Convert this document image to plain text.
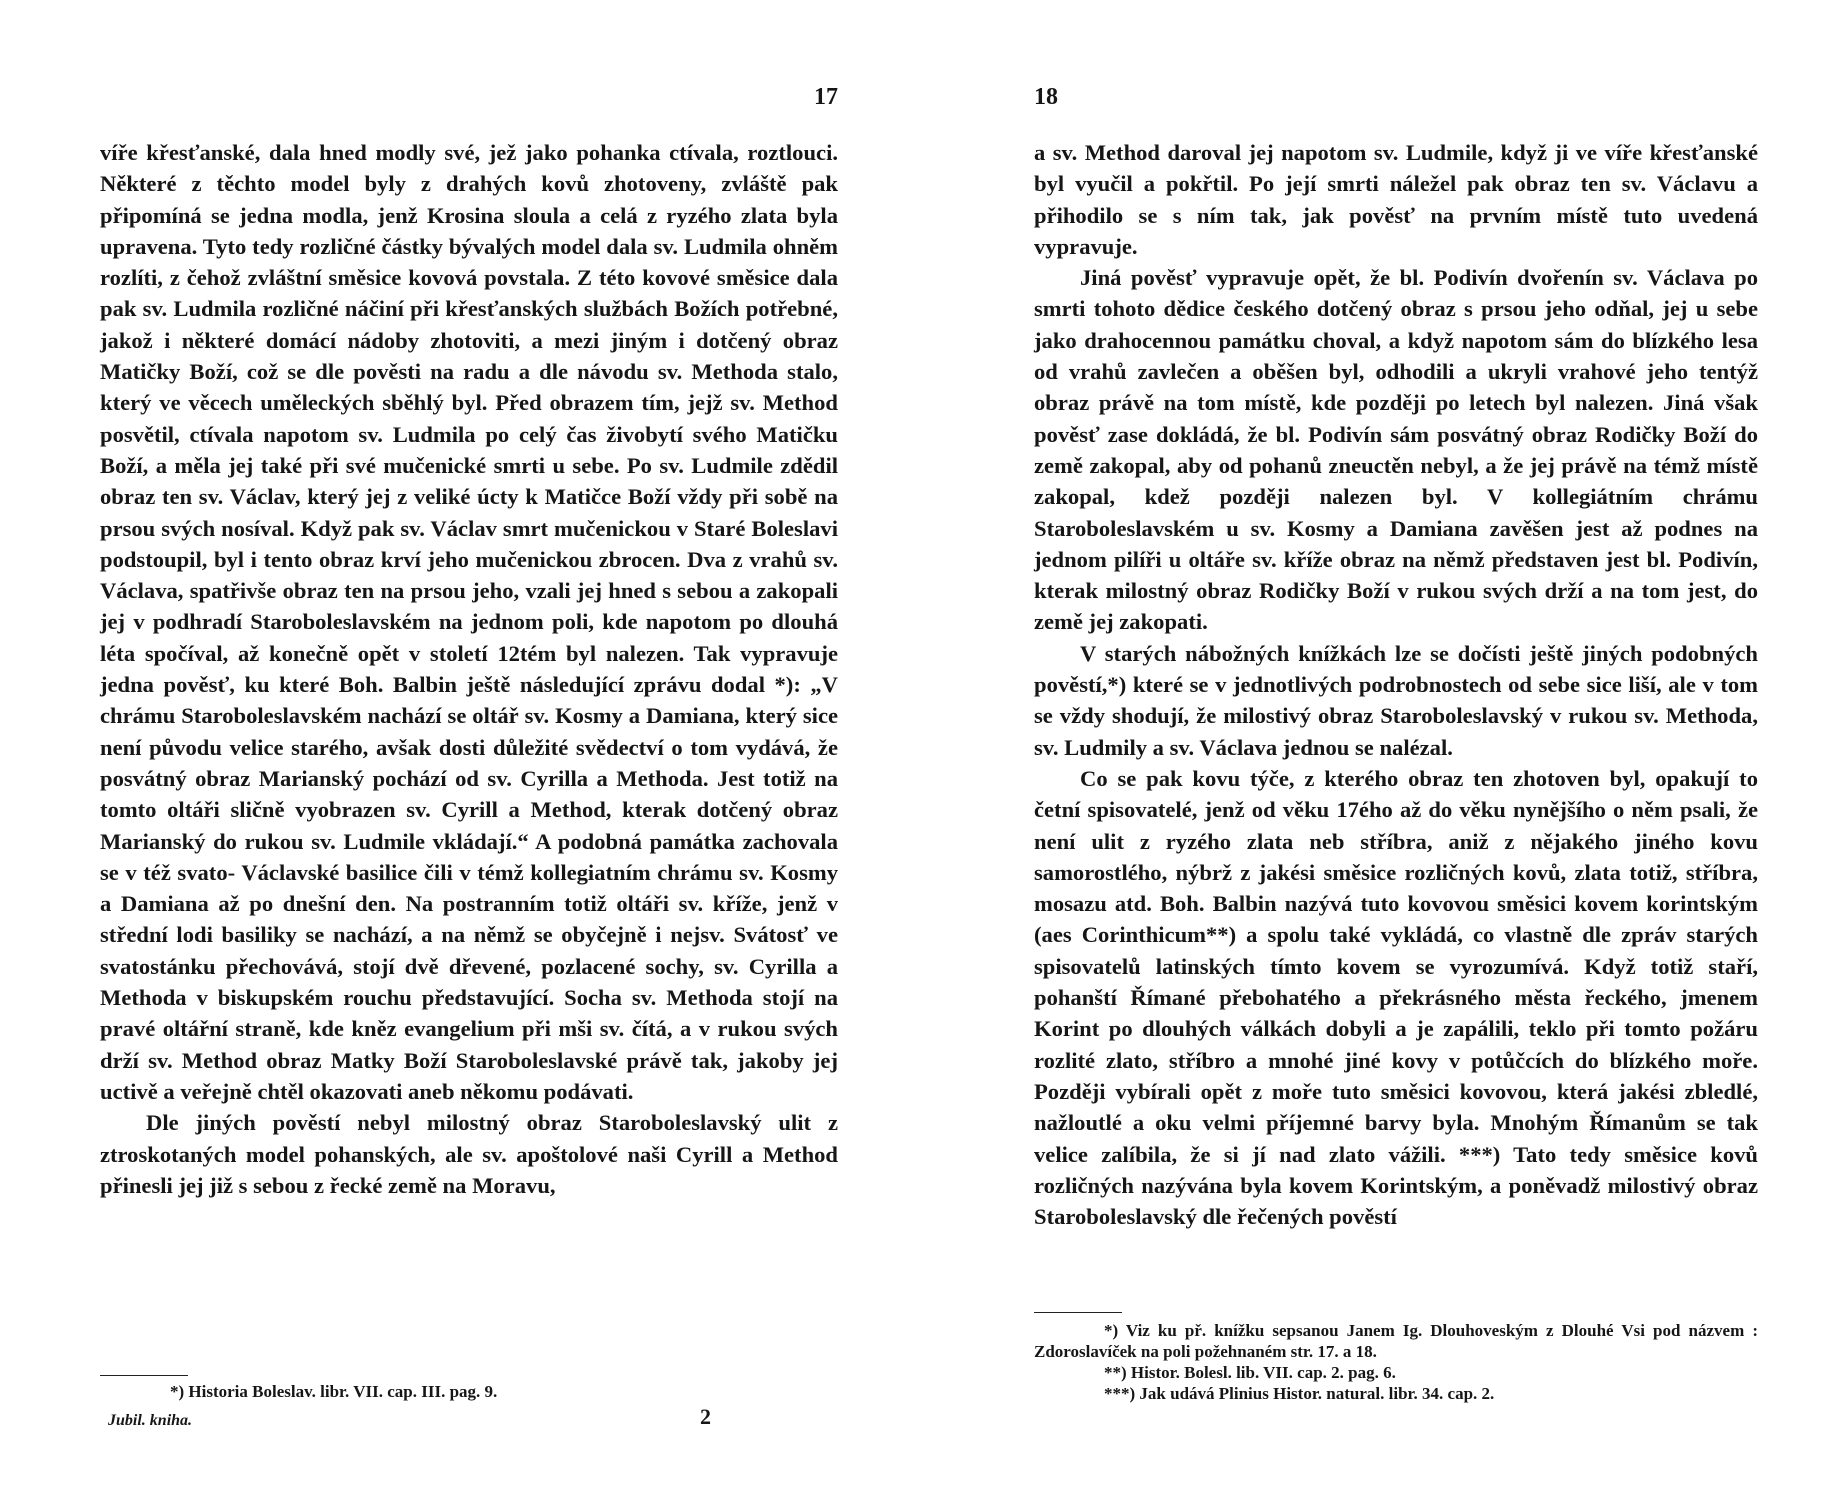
17

víře křesťanské, dala hned modly své, jež jako pohanka ctívala, roztlouci. Některé z těchto model byly z drahých kovů zhotoveny, zvláště pak připomíná se jedna modla, jenž Krosina sloula a celá z ryzého zlata byla upravena. Tyto tedy rozličné částky bývalých model dala sv. Ludmila ohněm rozlíti, z čehož zvláštní směsice kovová povstala. Z této kovové směsice dala pak sv. Ludmila rozličné náčiní při křesťanských službách Božích potřebné, jakož i některé domácí nádoby zhotoviti, a mezi jiným i dotčený obraz Matičky Boží, což se dle pověsti na radu a dle návodu sv. Methoda stalo, který ve věcech uměleckých sběhlý byl. Před obrazem tím, jejž sv. Method posvětil, ctívala napotom sv. Ludmila po celý čas živobytí svého Matičku Boží, a měla jej také při své mučenické smrti u sebe. Po sv. Ludmile zdědil obraz ten sv. Václav, který jej z veliké úcty k Matičce Boží vždy při sobě na prsou svých nosíval. Když pak sv. Václav smrt mučenickou v Staré Boleslavi podstoupil, byl i tento obraz krví jeho mučenickou zbrocen. Dva z vrahů sv. Václava, spatřivše obraz ten na prsou jeho, vzali jej hned s sebou a zakopali jej v podhradí Staroboleslavském na jednom poli, kde napotom po dlouhá léta spočíval, až konečně opět v století 12tém byl nalezen. Tak vypravuje jedna pověsť, ku které Boh. Balbin ještě následující zprávu dodal *): „V chrámu Staroboleslavském nachází se oltář sv. Kosmy a Damiana, který sice není původu velice starého, avšak dosti důležité svědectví o tom vydává, že posvátný obraz Marianský pochází od sv. Cyrilla a Methoda. Jest totiž na tomto oltáři sličně vyobrazen sv. Cyrill a Method, kterak dotčený obraz Marianský do rukou sv. Ludmile vkládají.“ A podobná památka zachovala se v též svato- Václavské basilice čili v témž kollegiatním chrámu sv. Kosmy a Damiana až po dnešní den. Na postranním totiž oltáři sv. kříže, jenž v střední lodi basiliky se nachází, a na němž se obyčejně i nejsv. Svátosť ve svatostánku přechovává, stojí dvě dřevené, pozlacené sochy, sv. Cyrilla a Methoda v biskupském rouchu představující. Socha sv. Methoda stojí na pravé oltářní straně, kde kněz evangelium při mši sv. čítá, a v rukou svých drží sv. Method obraz Matky Boží Staroboleslavské právě tak, jakoby jej uctivě a veřejně chtěl okazovati aneb někomu podávati.

Dle jiných pověstí nebyl milostný obraz Staroboleslavský ulit z ztroskotaných model pohanských, ale sv. apoštolové naši Cyrill a Method přinesli jej již s sebou z řecké země na Moravu,

*) Historia Boleslav. libr. VII. cap. III. pag. 9.

Jubil. kniha.	2
18

a sv. Method daroval jej napotom sv. Ludmile, když ji ve víře křesťanské byl vyučil a pokřtil. Po její smrti náležel pak obraz ten sv. Václavu a přihodilo se s ním tak, jak pověsť na prvním místě tuto uvedená vypravuje.

Jiná pověsť vypravuje opět, že bl. Podivín dvořenín sv. Václava po smrti tohoto dědice českého dotčený obraz s prsou jeho odňal, jej u sebe jako drahocennou památku choval, a když napotom sám do blízkého lesa od vrahů zavlečen a oběšen byl, odhodili a ukryli vrahové jeho tentýž obraz právě na tom místě, kde později po letech byl nalezen. Jiná však pověsť zase dokládá, že bl. Podivín sám posvátný obraz Rodičky Boží do země zakopal, aby od pohanů zneuctěn nebyl, a že jej právě na témž místě zakopal, kdež později nalezen byl. V kollegiátním chrámu Staroboleslavském u sv. Kosmy a Damiana zavěšen jest až podnes na jednom pilíři u oltáře sv. kříže obraz na němž představen jest bl. Podivín, kterak milostný obraz Rodičky Boží v rukou svých drží a na tom jest, do země jej zakopati.

V starých nábožných knížkách lze se dočísti ještě jiných podobných pověstí,*) které se v jednotlivých podrobnostech od sebe sice liší, ale v tom se vždy shodují, že milostivý obraz Staroboleslavský v rukou sv. Methoda, sv. Ludmily a sv. Václava jednou se nalézal.

Co se pak kovu týče, z kterého obraz ten zhotoven byl, opakují to četní spisovatelé, jenž od věku 17ého až do věku nynějšího o něm psali, že není ulit z ryzého zlata neb stříbra, aniž z nějakého jiného kovu samorostlého, nýbrž z jakési směsice rozličných kovů, zlata totiž, stříbra, mosazu atd. Boh. Balbin nazývá tuto kovovou směsici kovem korintským (aes Corinthicum**) a spolu také vykládá, co vlastně dle zpráv starých spisovatelů latinských tímto kovem se vyrozumívá. Když totiž staří, pohanští Římané přebohatého a překrásného města řeckého, jmenem Korint po dlouhých válkách dobyli a je zapálili, teklo při tomto požáru rozlité zlato, stříbro a mnohé jiné kovy v potůčcích do blízkého moře. Později vybírali opět z moře tuto směsici kovovou, která jakési zbledlé, nažloutlé a oku velmi příjemné barvy byla. Mnohým Římanům se tak velice zalíbila, že si jí nad zlato vážili. ***) Tato tedy směsice kovů rozličných nazývána byla kovem Korintským, a poněvadž milostivý obraz Staroboleslavský dle řečených pověstí

*) Viz ku př. knížku sepsanou Janem Ig. Dlouhoveským z Dlouhé Vsi pod názvem : Zdoroslavíček na poli požehnaném str. 17. a 18.

**) Histor. Bolesl. lib. VII. cap. 2. pag. 6.

***) Jak udává Plinius Histor. natural. libr. 34. cap. 2.
